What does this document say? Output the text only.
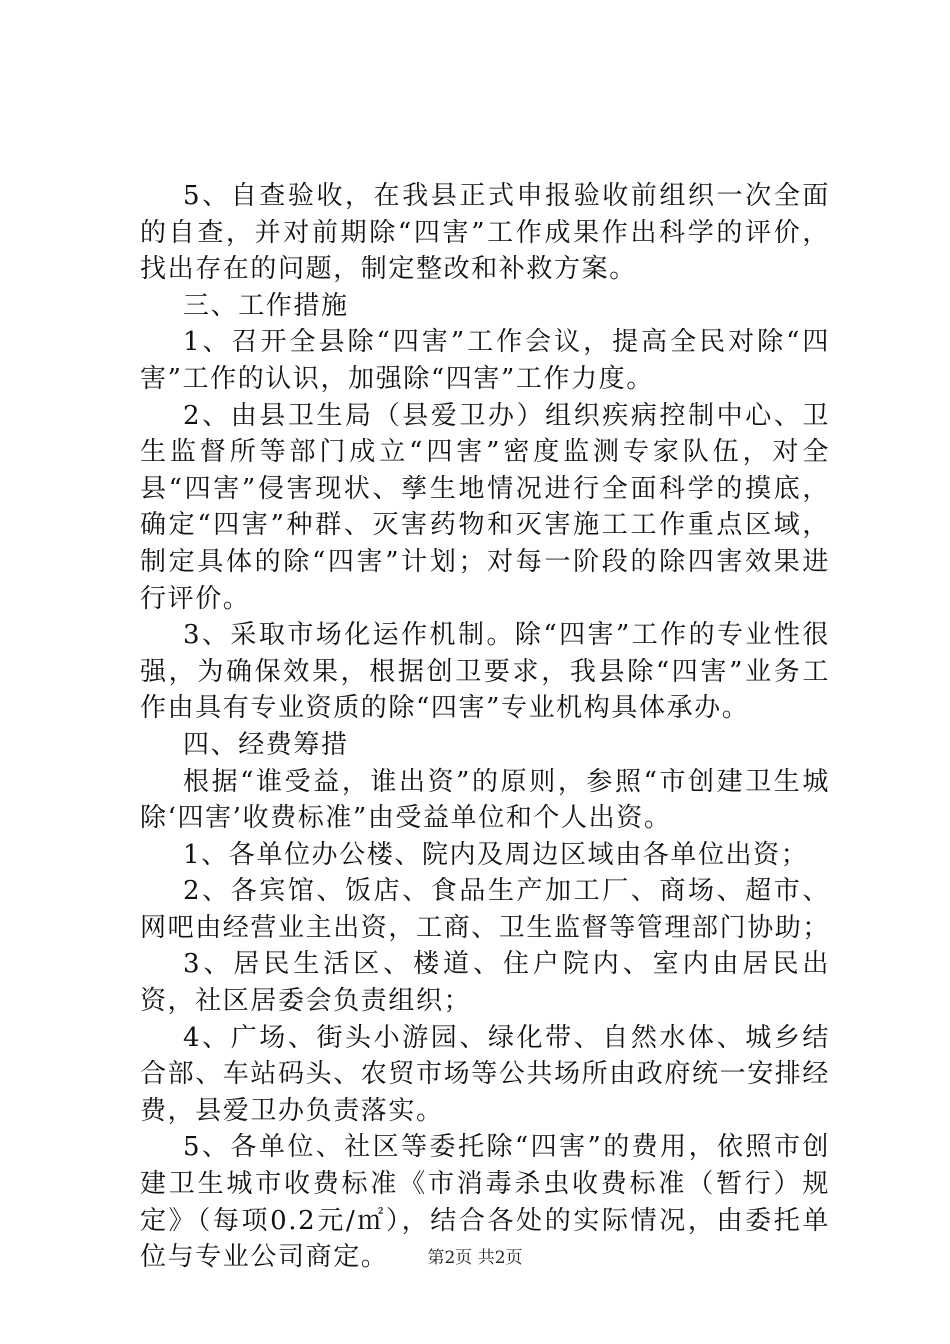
5、自查验收，在我县正式申报验收前组织一次全面的自查，并对前期除“四害”工作成果作出科学的评价，找出存在的问题，制定整改和补救方案。

三、工作措施

1、召开全县除“四害”工作会议，提高全民对除“四害”工作的认识，加强除“四害”工作力度。

2、由县卫生局（县爱卫办）组织疾病控制中心、卫生监督所等部门成立“四害”密度监测专家队伍，对全县“四害”侵害现状、孳生地情况进行全面科学的摸底，确定“四害”种群、灭害药物和灭害施工工作重点区域，制定具体的除“四害”计划；对每一阶段的除四害效果进行评价。

3、采取市场化运作机制。除“四害”工作的专业性很强，为确保效果，根据创卫要求，我县除“四害”业务工作由具有专业资质的除“四害”专业机构具体承办。

四、经费筹措

根据“谁受益，谁出资”的原则，参照“市创建卫生城除‘四害’收费标准”由受益单位和个人出资。

1、各单位办公楼、院内及周边区域由各单位出资；

2、各宾馆、饭店、食品生产加工厂、商场、超市、网吧由经营业主出资，工商、卫生监督等管理部门协助；

3、居民生活区、楼道、住户院内、室内由居民出资，社区居委会负责组织；

4、广场、街头小游园、绿化带、自然水体、城乡结合部、车站码头、农贸市场等公共场所由政府统一安排经费，县爱卫办负责落实。

5、各单位、社区等委托除“四害”的费用，依照市创建卫生城市收费标准《市消毒杀虫收费标准（暂行）规定》（每项0.2元/㎡），结合各处的实际情况，由委托单位与专业公司商定。	第2页 共2页
